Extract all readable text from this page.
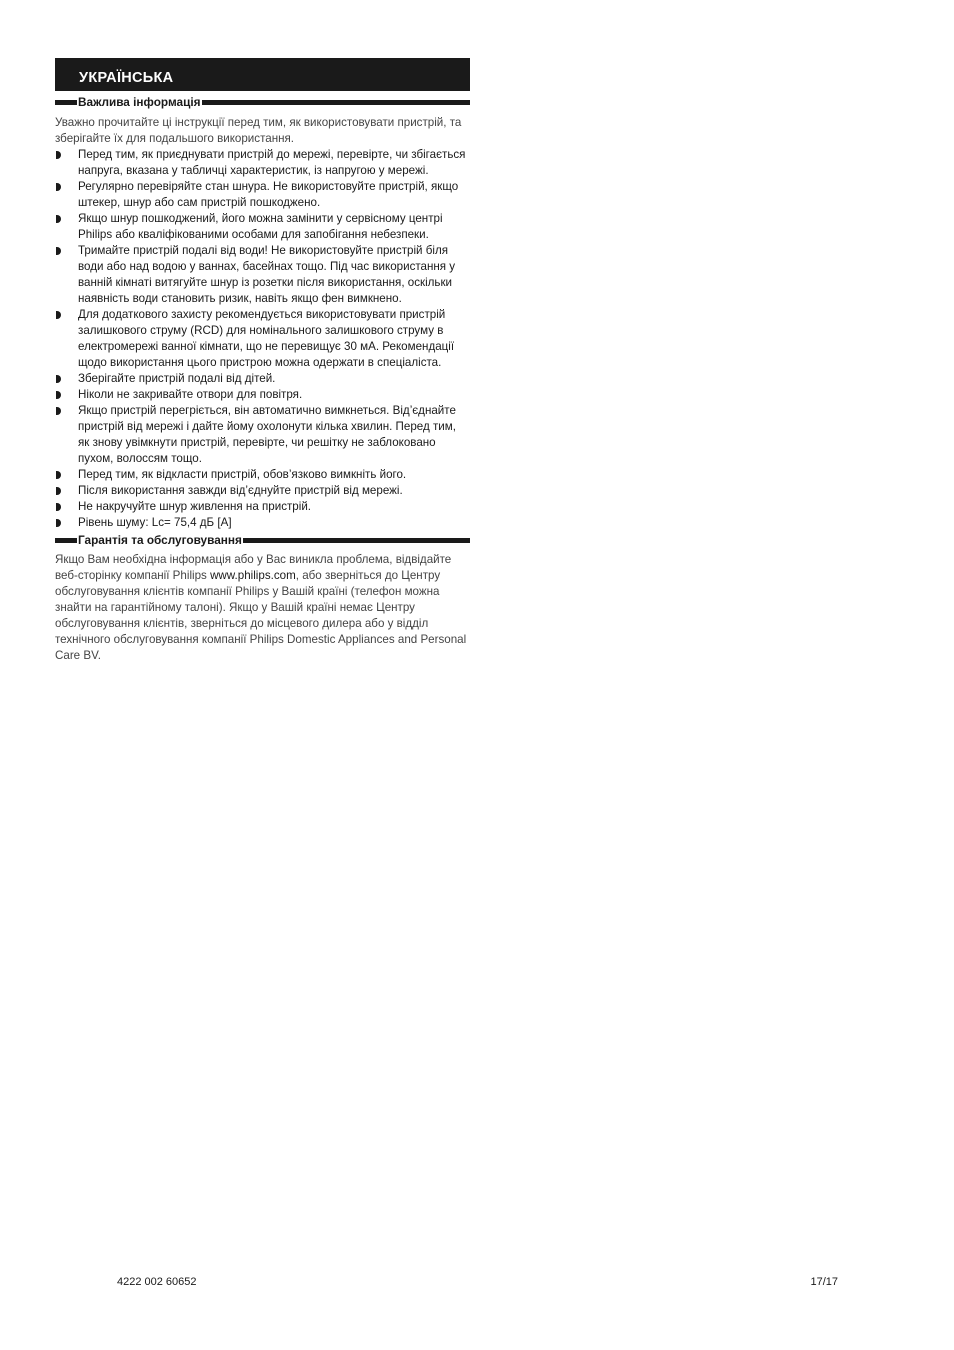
УКРАЇНСЬКА
Важлива інформація
Уважно прочитайте ці інструкції перед тим, як використовувати пристрій, та зберігайте їх для подальшого використання.
Перед тим, як приєднувати пристрій до мережі, перевірте, чи збігається напруга, вказана у табличці характеристик, із напругою у мережі.
Регулярно перевіряйте стан шнура. Не використовуйте пристрій, якщо штекер, шнур або сам пристрій пошкоджено.
Якщо шнур пошкоджений, його можна замінити у сервісному центрі Philips або кваліфікованими особами для запобігання небезпеки.
Тримайте пристрій подалі від води! Не використовуйте пристрій біля води або над водою у ваннах, басейнах тощо. Під час використання у ванній кімнаті витягуйте шнур із розетки після використання, оскільки наявність води становить ризик, навіть якщо фен вимкнено.
Для додаткового захисту рекомендується використовувати пристрій залишкового струму (RCD) для номінального залишкового струму в електромережі ванної кімнати, що не перевищує 30 мА. Рекомендації щодо використання цього пристрою можна одержати в спеціаліста.
Зберігайте пристрій подалі від дітей.
Ніколи не закривайте отвори для повітря.
Якщо пристрій перегріється, він автоматично вимкнеться. Від’єднайте пристрій від мережі і дайте йому охолонути кілька хвилин. Перед тим, як знову увімкнути пристрій, перевірте, чи решітку не заблоковано пухом, волоссям тощо.
Перед тим, як відкласти пристрій, обов’язково вимкніть його.
Після використання завжди від’єднуйте пристрій від мережі.
Не накручуйте шнур живлення на пристрій.
Рівень шуму: Lc= 75,4 дБ [A]
Гарантія та обслуговування
Якщо Вам необхідна інформація або у Вас виникла проблема, відвідайте веб-сторінку компанії Philips www.philips.com, або зверніться до Центру обслуговування клієнтів компанії Philips у Вашій країні (телефон можна знайти на гарантійному талоні). Якщо у Вашій країні немає Центру обслуговування клієнтів, зверніться до місцевого дилера або у відділ технічного обслуговування компанії Philips Domestic Appliances and Personal Care BV.
4222 002 60652	17/17
